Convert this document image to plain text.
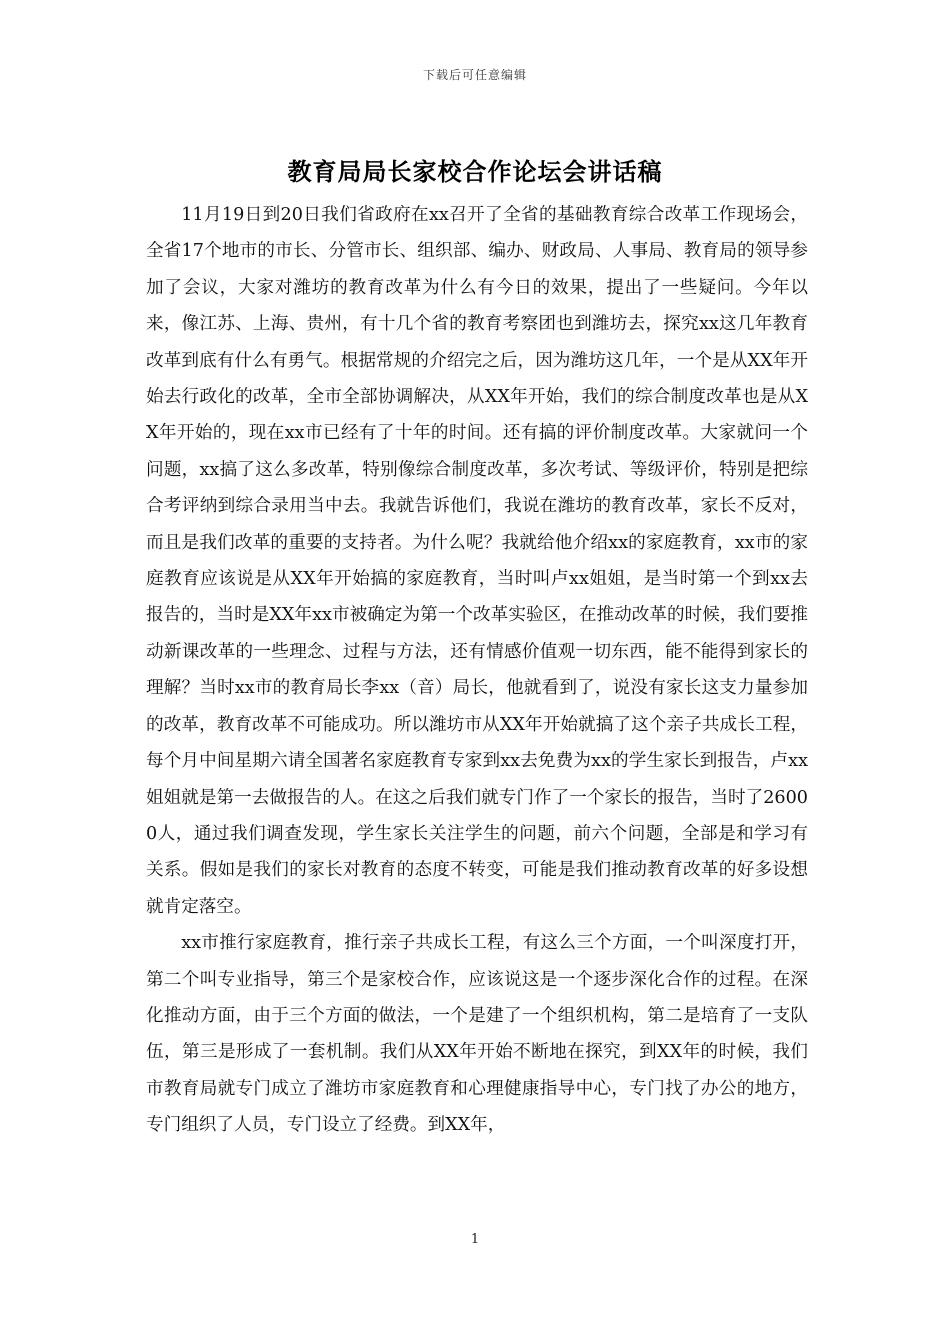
下载后可任意编辑
教育局局长家校合作论坛会讲话稿

11月19日到20日我们省政府在xx召开了全省的基础教育综合改革工作现场会，全省17个地市的市长、分管市长、组织部、编办、财政局、人事局、教育局的领导参加了会议，大家对潍坊的教育改革为什么有今日的效果，提出了一些疑问。今年以来，像江苏、上海、贵州，有十几个省的教育考察团也到潍坊去，探究xx这几年教育改革到底有什么有勇气。根据常规的介绍完之后，因为潍坊这几年，一个是从XX年开始去行政化的改革，全市全部协调解决，从XX年开始，我们的综合制度改革也是从XX年开始的，现在xx市已经有了十年的时间。还有搞的评价制度改革。大家就问一个问题，xx搞了这么多改革，特别像综合制度改革，多次考试、等级评价，特别是把综合考评纳到综合录用当中去。我就告诉他们，我说在潍坊的教育改革，家长不反对，而且是我们改革的重要的支持者。为什么呢？我就给他介绍xx的家庭教育，xx市的家庭教育应该说是从XX年开始搞的家庭教育，当时叫卢xx姐姐，是当时第一个到xx去报告的，当时是XX年xx市被确定为第一个改革实验区，在推动改革的时候，我们要推动新课改革的一些理念、过程与方法，还有情感价值观一切东西，能不能得到家长的理解？当时xx市的教育局长李xx（音）局长，他就看到了，说没有家长这支力量参加的改革，教育改革不可能成功。所以潍坊市从XX年开始就搞了这个亲子共成长工程，每个月中间星期六请全国著名家庭教育专家到xx去免费为xx的学生家长到报告，卢xx姐姐就是第一去做报告的人。在这之后我们就专门作了一个家长的报告，当时了26000人，通过我们调查发现，学生家长关注学生的问题，前六个问题，全部是和学习有关系。假如是我们的家长对教育的态度不转变，可能是我们推动教育改革的好多设想就肯定落空。

xx市推行家庭教育，推行亲子共成长工程，有这么三个方面，一个叫深度打开，第二个叫专业指导，第三个是家校合作，应该说这是一个逐步深化合作的过程。在深化推动方面，由于三个方面的做法，一个是建了一个组织机构，第二是培育了一支队伍，第三是形成了一套机制。我们从XX年开始不断地在探究，到XX年的时候，我们市教育局就专门成立了潍坊市家庭教育和心理健康指导中心，专门找了办公的地方，专门组织了人员，专门设立了经费。到XX年，

1
